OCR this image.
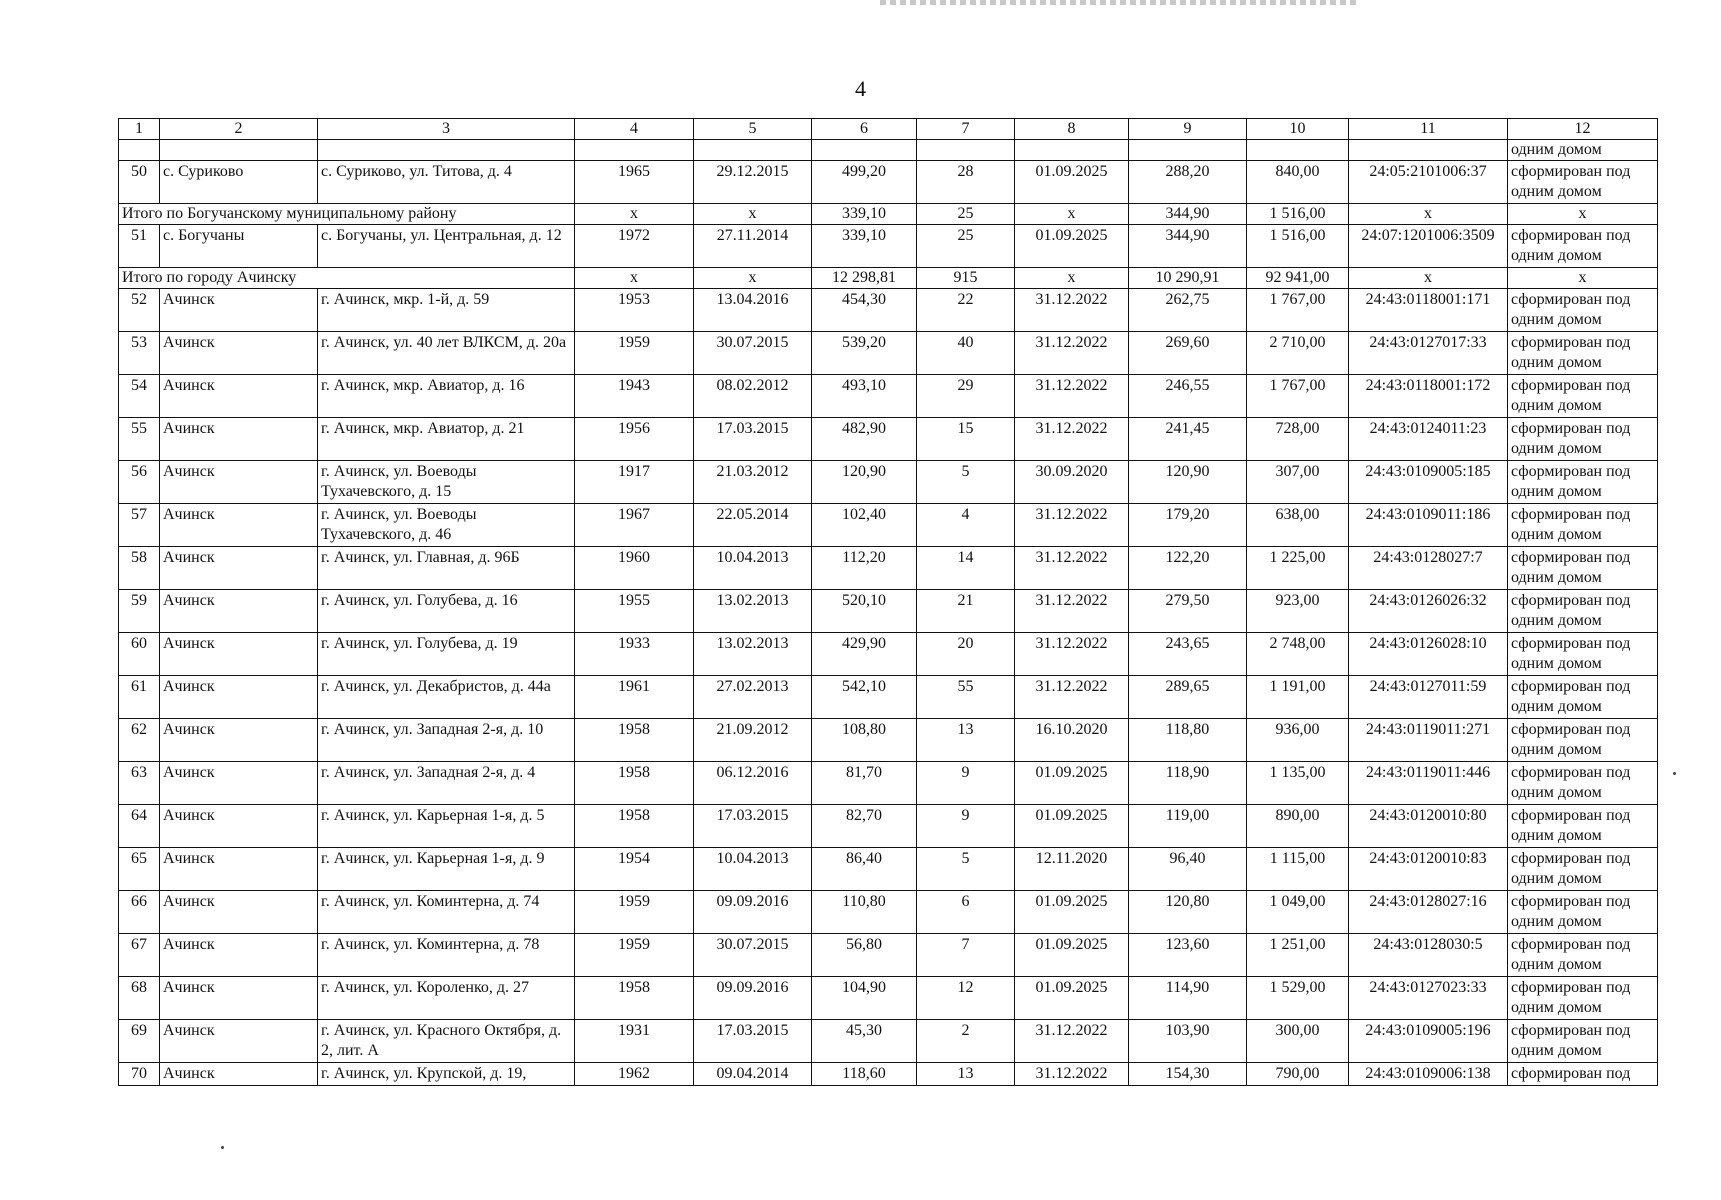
4
1	2	3	4	5	6	7	8	9	10	11	12
											одним домом
50	с. Суриково	с. Суриково, ул. Титова, д. 4	1965	29.12.2015	499,20	28	01.09.2025	288,20	840,00	24:05:2101006:37	сформирован под одним домом
Итого по Богучанскому муниципальному району			x	x	339,10	25	x	344,90	1 516,00	x	x
51	с. Богучаны	с. Богучаны, ул. Центральная, д. 12	1972	27.11.2014	339,10	25	01.09.2025	344,90	1 516,00	24:07:1201006:3509	сформирован под одним домом
Итого по городу Ачинску			x	x	12 298,81	915	x	10 290,91	92 941,00	x	x
52	Ачинск	г. Ачинск, мкр. 1-й, д. 59	1953	13.04.2016	454,30	22	31.12.2022	262,75	1 767,00	24:43:0118001:171	сформирован под одним домом
53	Ачинск	г. Ачинск, ул. 40 лет ВЛКСМ, д. 20а	1959	30.07.2015	539,20	40	31.12.2022	269,60	2 710,00	24:43:0127017:33	сформирован под одним домом
54	Ачинск	г. Ачинск, мкр. Авиатор, д. 16	1943	08.02.2012	493,10	29	31.12.2022	246,55	1 767,00	24:43:0118001:172	сформирован под одним домом
55	Ачинск	г. Ачинск, мкр. Авиатор, д. 21	1956	17.03.2015	482,90	15	31.12.2022	241,45	728,00	24:43:0124011:23	сформирован под одним домом
56	Ачинск	г. Ачинск, ул. Воеводы Тухачевского, д. 15	1917	21.03.2012	120,90	5	30.09.2020	120,90	307,00	24:43:0109005:185	сформирован под одним домом
57	Ачинск	г. Ачинск, ул. Воеводы Тухачевского, д. 46	1967	22.05.2014	102,40	4	31.12.2022	179,20	638,00	24:43:0109011:186	сформирован под одним домом
58	Ачинск	г. Ачинск, ул. Главная, д. 96Б	1960	10.04.2013	112,20	14	31.12.2022	122,20	1 225,00	24:43:0128027:7	сформирован под одним домом
59	Ачинск	г. Ачинск, ул. Голубева, д. 16	1955	13.02.2013	520,10	21	31.12.2022	279,50	923,00	24:43:0126026:32	сформирован под одним домом
60	Ачинск	г. Ачинск, ул. Голубева, д. 19	1933	13.02.2013	429,90	20	31.12.2022	243,65	2 748,00	24:43:0126028:10	сформирован под одним домом
61	Ачинск	г. Ачинск, ул. Декабристов, д. 44а	1961	27.02.2013	542,10	55	31.12.2022	289,65	1 191,00	24:43:0127011:59	сформирован под одним домом
62	Ачинск	г. Ачинск, ул. Западная 2-я, д. 10	1958	21.09.2012	108,80	13	16.10.2020	118,80	936,00	24:43:0119011:271	сформирован под одним домом
63	Ачинск	г. Ачинск, ул. Западная 2-я, д. 4	1958	06.12.2016	81,70	9	01.09.2025	118,90	1 135,00	24:43:0119011:446	сформирован под одним домом
64	Ачинск	г. Ачинск, ул. Карьерная 1-я, д. 5	1958	17.03.2015	82,70	9	01.09.2025	119,00	890,00	24:43:0120010:80	сформирован под одним домом
65	Ачинск	г. Ачинск, ул. Карьерная 1-я, д. 9	1954	10.04.2013	86,40	5	12.11.2020	96,40	1 115,00	24:43:0120010:83	сформирован под одним домом
66	Ачинск	г. Ачинск, ул. Коминтерна, д. 74	1959	09.09.2016	110,80	6	01.09.2025	120,80	1 049,00	24:43:0128027:16	сформирован под одним домом
67	Ачинск	г. Ачинск, ул. Коминтерна, д. 78	1959	30.07.2015	56,80	7	01.09.2025	123,60	1 251,00	24:43:0128030:5	сформирован под одним домом
68	Ачинск	г. Ачинск, ул. Короленко, д. 27	1958	09.09.2016	104,90	12	01.09.2025	114,90	1 529,00	24:43:0127023:33	сформирован под одним домом
69	Ачинск	г. Ачинск, ул. Красного Октября, д. 2, лит. А	1931	17.03.2015	45,30	2	31.12.2022	103,90	300,00	24:43:0109005:196	сформирован под одним домом
70	Ачинск	г. Ачинск, ул. Крупской, д. 19,	1962	09.04.2014	118,60	13	31.12.2022	154,30	790,00	24:43:0109006:138	сформирован под
